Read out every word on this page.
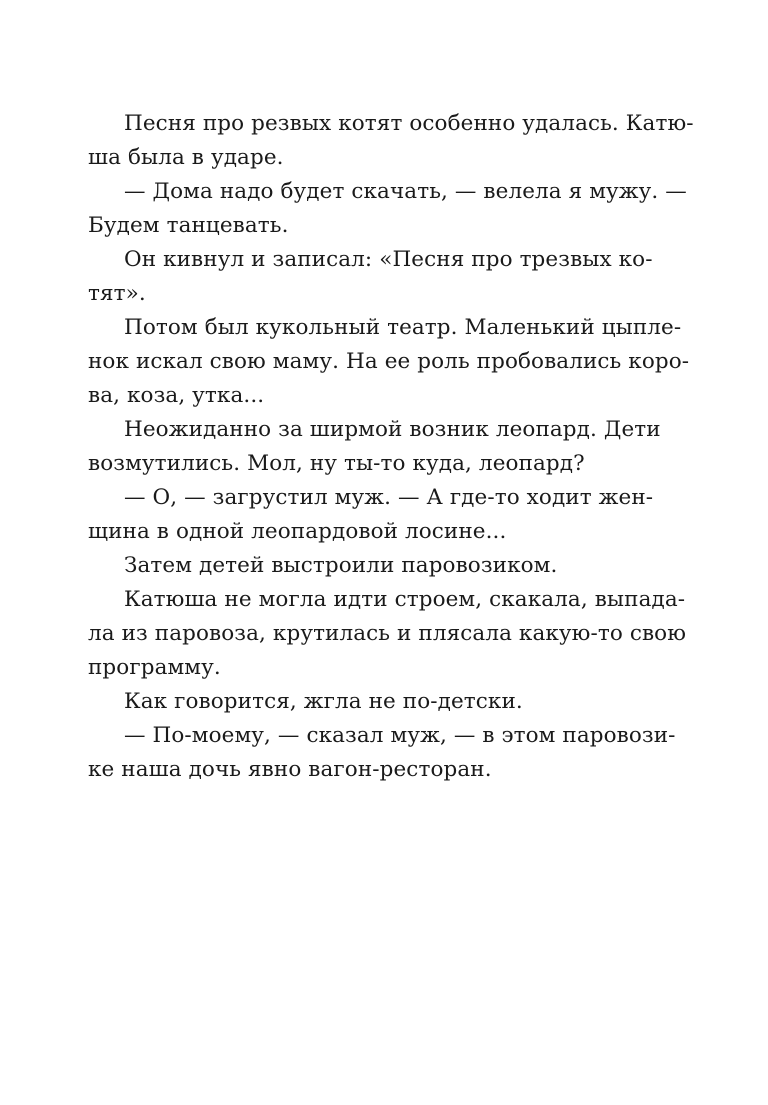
Песня про резвых котят особенно удалась. Катю-
ша была в ударе.
— Дома надо будет скачать, — велела я мужу. —
Будем танцевать.
Он кивнул и записал: «Песня про трезвых ко-
тят».
Потом был кукольный театр. Маленький цыпле-
нок искал свою маму. На ее роль пробовались коро-
ва, коза, утка...
Неожиданно за ширмой возник леопард. Дети
возмутились. Мол, ну ты-то куда, леопард?
— О, — загрустил муж. — А где-то ходит жен-
щина в одной леопардовой лосине...
Затем детей выстроили паровозиком.
Катюша не могла идти строем, скакала, выпада-
ла из паровоза, крутилась и плясала какую-то свою
программу.
Как говорится, жгла не по-детски.
— По-моему, — сказал муж, — в этом паровози-
ке наша дочь явно вагон-ресторан.
